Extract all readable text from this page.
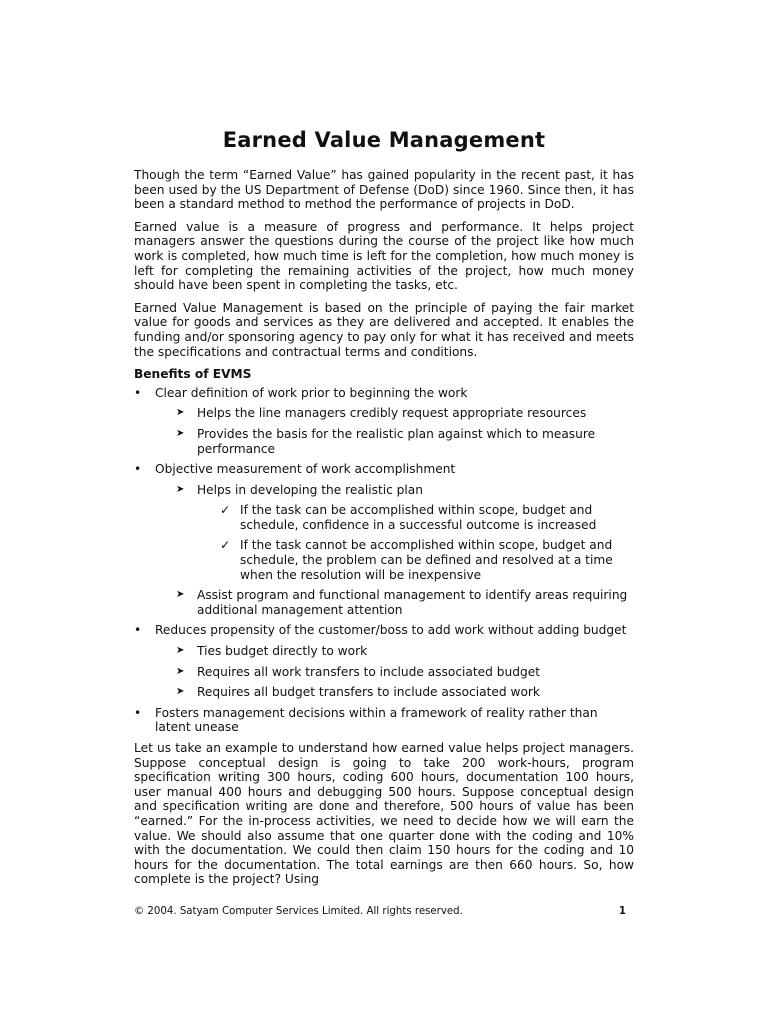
Earned Value Management

Though the term “Earned Value” has gained popularity in the recent past, it has been used by the US Department of Defense (DoD) since 1960. Since then, it has been a standard method to method the performance of projects in DoD.

Earned value is a measure of progress and performance. It helps project managers answer the questions during the course of the project like how much work is completed, how much time is left for the completion, how much money is left for completing the remaining activities of the project, how much money should have been spent in completing the tasks, etc.

Earned Value Management is based on the principle of paying the fair market value for goods and services as they are delivered and accepted. It enables the funding and/or sponsoring agency to pay only for what it has received and meets the specifications and contractual terms and conditions.

Benefits of EVMS
•	Clear definition of work prior to beginning the work
➤ Helps the line managers credibly request appropriate resources
➤ Provides the basis for the realistic plan against which to measure performance
•	Objective measurement of work accomplishment
➤ Helps in developing the realistic plan
✓ If the task can be accomplished within scope, budget and schedule, confidence in a successful outcome is increased
✓ If the task cannot be accomplished within scope, budget and schedule, the problem can be defined and resolved at a time when the resolution will be inexpensive
➤ Assist program and functional management to identify areas requiring additional management attention
•	Reduces propensity of the customer/boss to add work without adding budget
➤ Ties budget directly to work
➤ Requires all work transfers to include associated budget
➤ Requires all budget transfers to include associated work
•	Fosters management decisions within a framework of reality rather than latent unease

Let us take an example to understand how earned value helps project managers. Suppose conceptual design is going to take 200 work-hours, program specification writing 300 hours, coding 600 hours, documentation 100 hours, user manual 400 hours and debugging 500 hours. Suppose conceptual design and specification writing are done and therefore, 500 hours of value has been “earned.” For the in-process activities, we need to decide how we will earn the value. We should also assume that one quarter done with the coding and 10% with the documentation. We could then claim 150 hours for the coding and 10 hours for the documentation. The total earnings are then 660 hours. So, how complete is the project? Using

© 2004. Satyam Computer Services Limited. All rights reserved.	1
